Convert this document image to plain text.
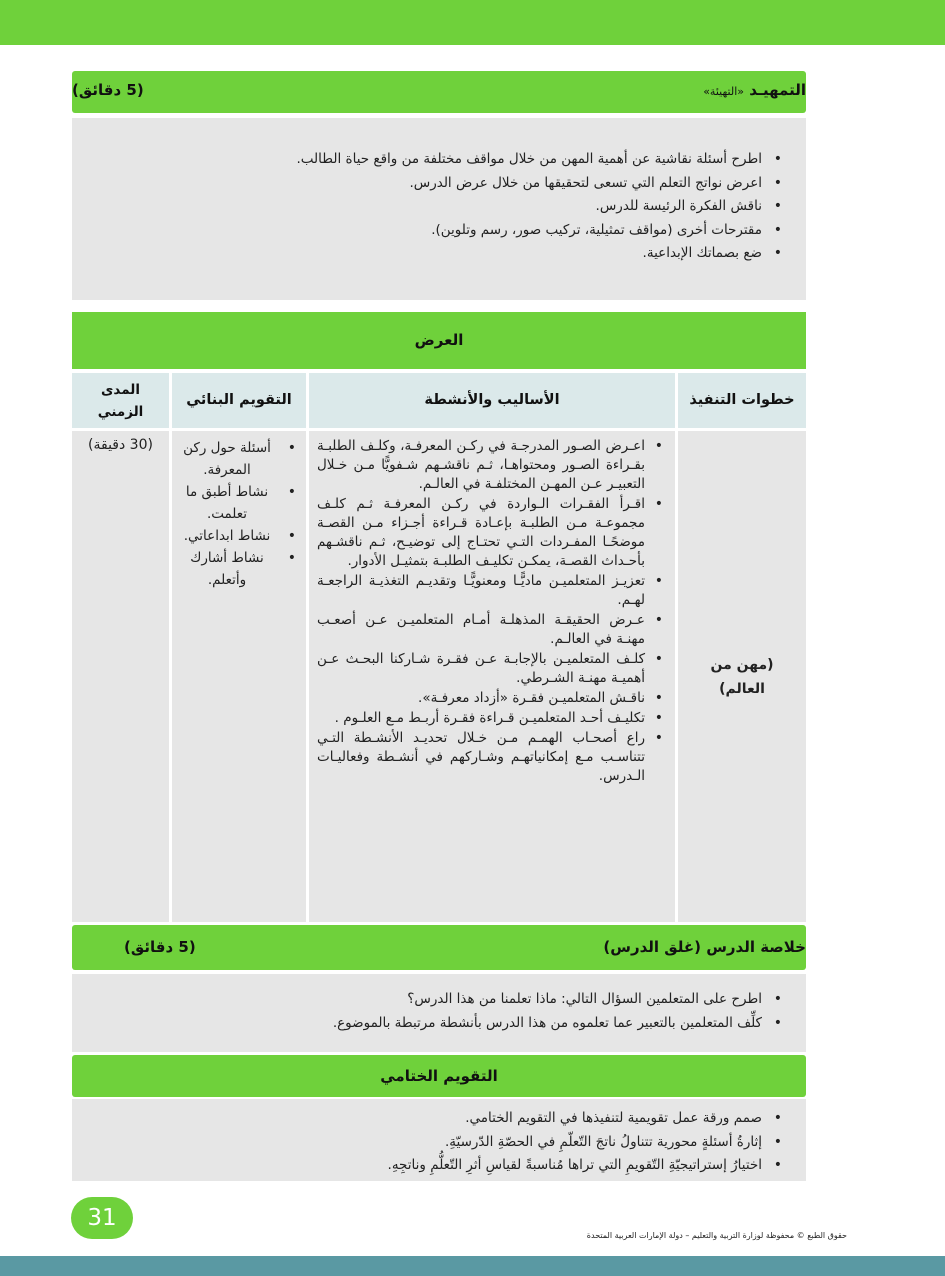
التمهيـد «التهيئة»
(5 دقائق)
• اطرح أسئلة نقاشية عن أهمية المهن من خلال مواقف مختلفة من واقع حياة الطالب.
• اعرض نواتج التعلم التي تسعى لتحقيقها من خلال عرض الدرس.
• ناقش الفكرة الرئيسة للدرس.
• مقترحات أخرى (مواقف تمثيلية، تركيب صور، رسم وتلوين).
• ضع بصماتك الإبداعية.
العرض
خطوات التنفيذ
الأساليب والأنشطة
التقويم البنائي
المدى
الزمني
(مهن من
العالم)
• اعـرض الصـور المدرجـة في ركـن المعرفـة، وكلـف الطلبـة بقـراءة الصـور ومحتواهـا، ثـم ناقشـهم شـفويًّا مـن خـلال التعبيـر عـن المهـن المختلفـة في العالـم.
• اقـرأ الفقـرات الـواردة في ركـن المعرفـة ثـم كلـف مجموعـة مـن الطلبـة بإعـادة قـراءة أجـزاء مـن القصـة موضحًـا المفـردات التـي تحتـاج إلى توضيـح، ثـم ناقشـهم بأحـداث القصـة، يمكـن تكليـف الطلبـة بتمثيـل الأدوار.
• تعزيـز المتعلميـن ماديًّـا ومعنويًّـا وتقديـم التغذيـة الراجعـة لهـم.
• عـرض الحقيقـة المذهلـة أمـام المتعلميـن عـن أصعـب مهنـة في العالـم.
• كلـف المتعلميـن بالإجابـة عـن فقـرة شـاركنا البحـث عـن أهميـة مهنـة الشـرطي.
• ناقـش المتعلميـن فقـرة «أزداد معرفـة».
• تكليـف أحـد المتعلميـن قـراءة فقـرة أربـط مـع العلـوم .
• راع أصحـاب الهمـم مـن خـلال تحديـد الأنشـطة التـي تتناسـب مـع إمكانياتهـم وشـاركهم في أنشـطة وفعاليـات الـدرس.
• أسئلة حول ركن المعرفة.
• نشاط أطبق ما تعلمت.
• نشاط ابداعاتي.
• نشاط أشارك وأتعلم.
(30 دقيقة)
خلاصة الدرس (غلق الدرس)
(5 دقائق)
• اطرح على المتعلمين السؤال التالي: ماذا تعلمنا من هذا الدرس؟
• كلِّف المتعلمين بالتعبير عما تعلموه من هذا الدرس بأنشطة مرتبطة بالموضوع.
التقويم الختامي
• صمم ورقة عمل تقويمية لتنفيذها في التقويم الختامي.
• إثارةُ أسئلةٍ محورية تتناولُ ناتجَ التّعلّمِ في الحصّةِ الدّرسيّةِ.
• اختيارُ إستراتيجيّةِ التّقويمِ التي تراها مُناسبةً لقياسِ أثرِ التّعلُّمِ وناتجِهِ.
31
حقوق الطبع © محفوظة لوزارة التربية والتعليم – دولة الإمارات العربية المتحدة
